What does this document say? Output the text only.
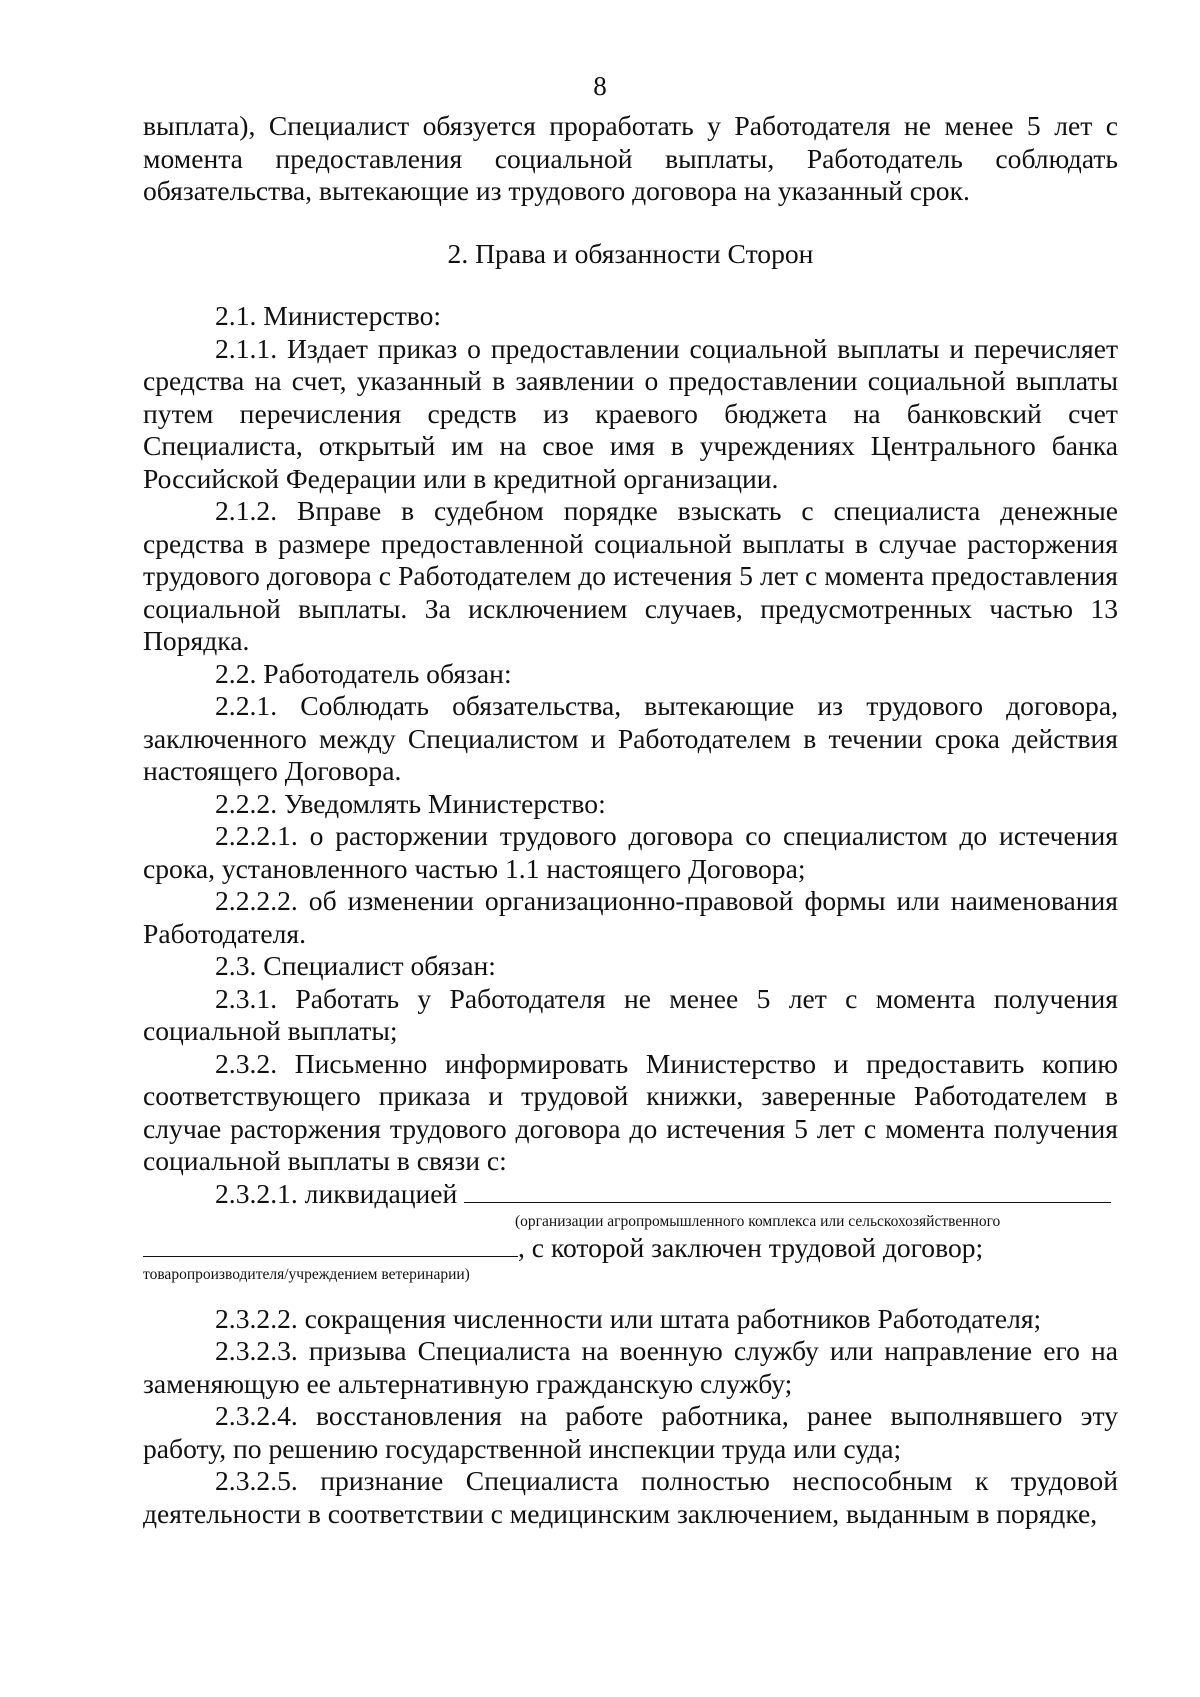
8

выплата), Специалист обязуется проработать у Работодателя не менее 5 лет с момента предоставления социальной выплаты, Работодатель соблюдать обязательства, вытекающие из трудового договора на указанный срок.

2. Права и обязанности Сторон

2.1. Министерство:

2.1.1. Издает приказ о предоставлении социальной выплаты и перечисляет средства на счет, указанный в заявлении о предоставлении социальной выплаты путем перечисления средств из краевого бюджета на банковский счет Специалиста, открытый им на свое имя в учреждениях Центрального банка Российской Федерации или в кредитной организации.

2.1.2. Вправе в судебном порядке взыскать с специалиста денежные средства в размере предоставленной социальной выплаты в случае расторжения трудового договора с Работодателем до истечения 5 лет с момента предоставления социальной выплаты. За исключением случаев, предусмотренных частью 13 Порядка.

2.2. Работодатель обязан:

2.2.1. Соблюдать обязательства, вытекающие из трудового договора, заключенного между Специалистом и Работодателем в течении срока действия настоящего Договора.

2.2.2. Уведомлять Министерство:

2.2.2.1. о расторжении трудового договора со специалистом до истечения срока, установленного частью 1.1 настоящего Договора;

2.2.2.2. об изменении организационно-правовой формы или наименования Работодателя.

2.3. Специалист обязан:

2.3.1. Работать у Работодателя не менее 5 лет с момента получения социальной выплаты;

2.3.2. Письменно информировать Министерство и предоставить копию соответствующего приказа и трудовой книжки, заверенные Работодателем в случае расторжения трудового договора до истечения 5 лет с момента получения социальной выплаты в связи с:

2.3.2.1. ликвидацией

(организации агропромышленного комплекса или сельскохозяйственного

, с которой заключен трудовой договор;

товаропроизводителя/учреждением ветеринарии)

2.3.2.2. сокращения численности или штата работников Работодателя;

2.3.2.3. призыва Специалиста на военную службу или направление его на заменяющую ее альтернативную гражданскую службу;

2.3.2.4. восстановления на работе работника, ранее выполнявшего эту работу, по решению государственной инспекции труда или суда;

2.3.2.5. признание Специалиста полностью неспособным к трудовой деятельности в соответствии с медицинским заключением, выданным в порядке,
